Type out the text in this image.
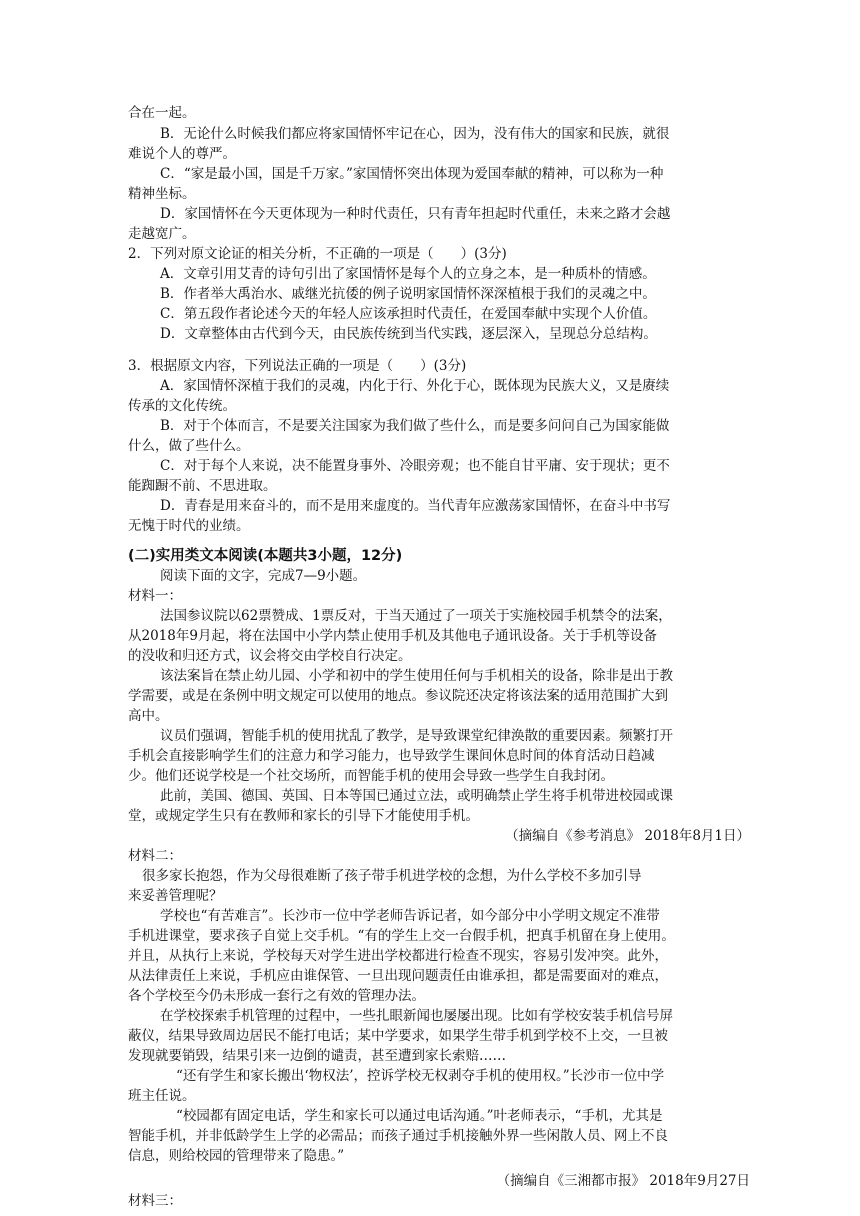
合在一起。
B．无论什么时候我们都应将家国情怀牢记在心，因为，没有伟大的国家和民族，就很
难说个人的尊严。
C．“家是最小国，国是千万家。”家国情怀突出体现为爱国奉献的精神，可以称为一种
精神坐标。
D．家国情怀在今天更体现为一种时代责任，只有青年担起时代重任，未来之路才会越
走越宽广。
2．下列对原文论证的相关分析，不正确的一项是（　　）(3分)
A．文章引用艾青的诗句引出了家国情怀是每个人的立身之本，是一种质朴的情感。
B．作者举大禹治水、戚继光抗倭的例子说明家国情怀深深植根于我们的灵魂之中。
C．第五段作者论述今天的年轻人应该承担时代责任，在爱国奉献中实现个人价值。
D．文章整体由古代到今天，由民族传统到当代实践，逐层深入，呈现总分总结构。
3．根据原文内容，下列说法正确的一项是（　　）(3分)
A．家国情怀深植于我们的灵魂，内化于行、外化于心，既体现为民族大义，又是赓续
传承的文化传统。
B．对于个体而言，不是要关注国家为我们做了些什么，而是要多问问自己为国家能做
什么，做了些什么。
C．对于每个人来说，决不能置身事外、冷眼旁观；也不能自甘平庸、安于现状；更不
能踟蹰不前、不思进取。
D．青春是用来奋斗的，而不是用来虚度的。当代青年应激荡家国情怀，在奋斗中书写
无愧于时代的业绩。
(二)实用类文本阅读(本题共3小题，12分)
阅读下面的文字，完成7—9小题。
材料一：
法国参议院以62票赞成、1票反对，于当天通过了一项关于实施校园手机禁令的法案，
从2018年9月起，将在法国中小学内禁止使用手机及其他电子通讯设备。关于手机等设备
的没收和归还方式，议会将交由学校自行决定。
该法案旨在禁止幼儿园、小学和初中的学生使用任何与手机相关的设备，除非是出于教
学需要，或是在条例中明文规定可以使用的地点。参议院还决定将该法案的适用范围扩大到
高中。
议员们强调，智能手机的使用扰乱了教学，是导致课堂纪律涣散的重要因素。频繁打开
手机会直接影响学生们的注意力和学习能力，也导致学生课间休息时间的体育活动日趋减
少。他们还说学校是一个社交场所，而智能手机的使用会导致一些学生自我封闭。
此前，美国、德国、英国、日本等国已通过立法，或明确禁止学生将手机带进校园或课
堂，或规定学生只有在教师和家长的引导下才能使用手机。
（摘编自《参考消息》 2018年8月1日）
材料二：
很多家长抱怨，作为父母很难断了孩子带手机进学校的念想，为什么学校不多加引导
来妥善管理呢？
学校也“有苦难言”。长沙市一位中学老师告诉记者，如今部分中小学明文规定不准带
手机进课堂，要求孩子自觉上交手机。“有的学生上交一台假手机，把真手机留在身上使用。
并且，从执行上来说，学校每天对学生进出学校都进行检查不现实，容易引发冲突。此外，
从法律责任上来说，手机应由谁保管、一旦出现问题责任由谁承担，都是需要面对的难点，
各个学校至今仍未形成一套行之有效的管理办法。
在学校探索手机管理的过程中，一些扎眼新闻也屡屡出现。比如有学校安装手机信号屏
蔽仪，结果导致周边居民不能打电话；某中学要求，如果学生带手机到学校不上交，一旦被
发现就要销毁，结果引来一边倒的谴责，甚至遭到家长索赔……
“还有学生和家长搬出‘物权法’，控诉学校无权剥夺手机的使用权。”长沙市一位中学
班主任说。
“校园都有固定电话，学生和家长可以通过电话沟通。”叶老师表示，“手机，尤其是
智能手机，并非低龄学生上学的必需品；而孩子通过手机接触外界一些闲散人员、网上不良
信息，则给校园的管理带来了隐患。”
（摘编自《三湘都市报》 2018年9月27日
材料三：
